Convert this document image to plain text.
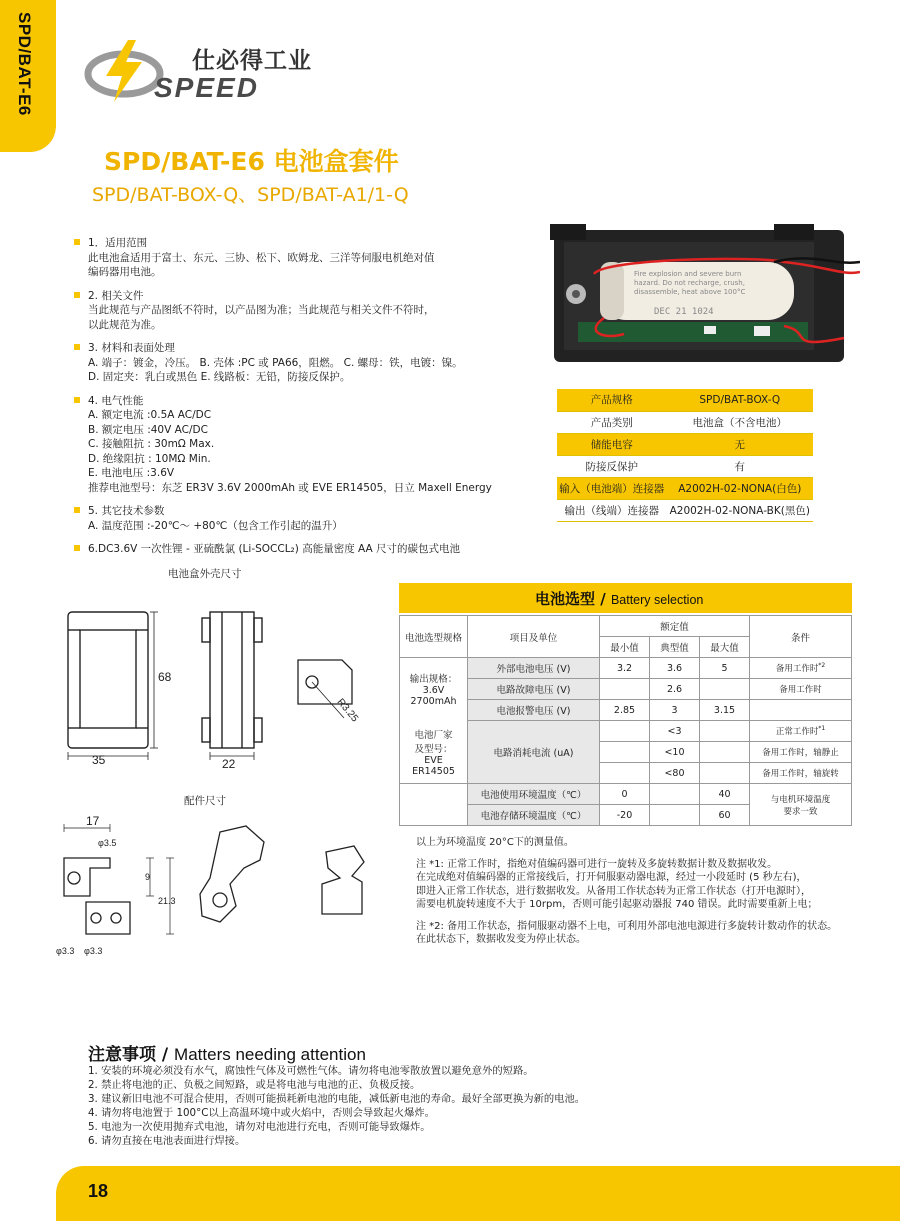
SPD/BAT-E6	仕必得工业
SPEED
SPD/BAT-E6 电池盒套件
SPD/BAT-BOX-Q、SPD/BAT-A1/1-Q
1．适用范围
此电池盒适用于富士、东元、三协、松下、欧姆龙、三洋等伺服电机绝对值
编码器用电池。
2. 相关文件
当此规范与产品图纸不符时，以产品图为准；当此规范与相关文件不符时，
以此规范为准。
3. 材料和表面处理
A. 端子：镀金，冷压。 B. 壳体 :PC 或 PA66，阻燃。 C. 螺母：铁，电镀：镍。
D. 固定夹：乳白或黑色 E. 线路板：无铅，防接反保护。
4. 电气性能
A. 额定电流 :0.5A AC/DC
B. 额定电压 :40V AC/DC
C. 接触阻抗 : 30mΩ Max.
D. 绝缘阻抗 : 10MΩ Min.
E. 电池电压 :3.6V
推荐电池型号：东芝 ER3V 3.6V 2000mAh 或 EVE ER14505，日立 Maxell Energy
5. 其它技术参数
A. 温度范围 :-20℃～ +80℃（包含工作引起的温升）
6.DC3.6V 一次性锂 - 亚硫酰氯 (Li-SOCCL₂) 高能量密度 AA 尺寸的碳包式电池
Fire explosion and severe burn
hazard. Do not recharge, crush,
disassemble, heat above 100°C
DEC 21 1024
产品规格	SPD/BAT-BOX-Q
产品类别	电池盒（不含电池）
储能电容	无
防接反保护	有
输入（电池端）连接器	A2002H-02-NONA(白色)
输出（线端）连接器	A2002H-02-NONA-BK(黑色)
电池盒外壳尺寸
68
35	22
R3.25
配件尺寸
17
φ3.5
9
21.3
φ3.3 φ3.3
电池选型 / Battery selection
电池选型规格	项目及单位	额定值			条件
		最小值	典型值	最大值	
输出规格：
3.6V
2700mAh	外部电池电压 (V)	3.2	3.6	5	备用工作时$^{*2}$
	电路故障电压 (V)		2.6		备用工作时
	电池报警电压 (V)	2.85	3	3.15	
电池厂家
及型号：
EVE ER14505	电路消耗电流 (uA)		<3		正常工作时$^{*1}$
			<10		备用工作时，轴静止
			<80		备用工作时，轴旋转
	电池使用环境温度（℃）	0		40	与电机环境温度
要求一致
	电池存储环境温度（℃）	-20		60	

以上为环境温度 20°C下的测量值。

注 *1: 正常工作时，指绝对值编码器可进行一旋转及多旋转数据计数及数据收发。
在完成绝对值编码器的正常接线后，打开伺服驱动器电源，经过一小段延时 (5 秒左右)，
即进入正常工作状态，进行数据收发。从备用工作状态转为正常工作状态（打开电源时），
需要电机旋转速度不大于 10rpm，否则可能引起驱动器报 740 错误。此时需要重新上电；

注 *2: 备用工作状态，指伺服驱动器不上电，可利用外部电池电源进行多旋转计数动作的状态。
在此状态下，数据收发变为停止状态。

注意事项 / Matters needing attention
1. 安装的环境必须没有水气，腐蚀性气体及可燃性气体。请勿将电池零散放置以避免意外的短路。
2. 禁止将电池的正、负极之间短路，或是将电池与电池的正、负极反接。
3. 建议新旧电池不可混合使用，否则可能损耗新电池的电能，减低新电池的寿命。最好全部更换为新的电池。
4. 请勿将电池置于 100°C以上高温环境中或火焰中，否则会导致起火爆炸。
5. 电池为一次使用抛弃式电池，请勿对电池进行充电，否则可能导致爆炸。
6. 请勿直接在电池表面进行焊接。
18
